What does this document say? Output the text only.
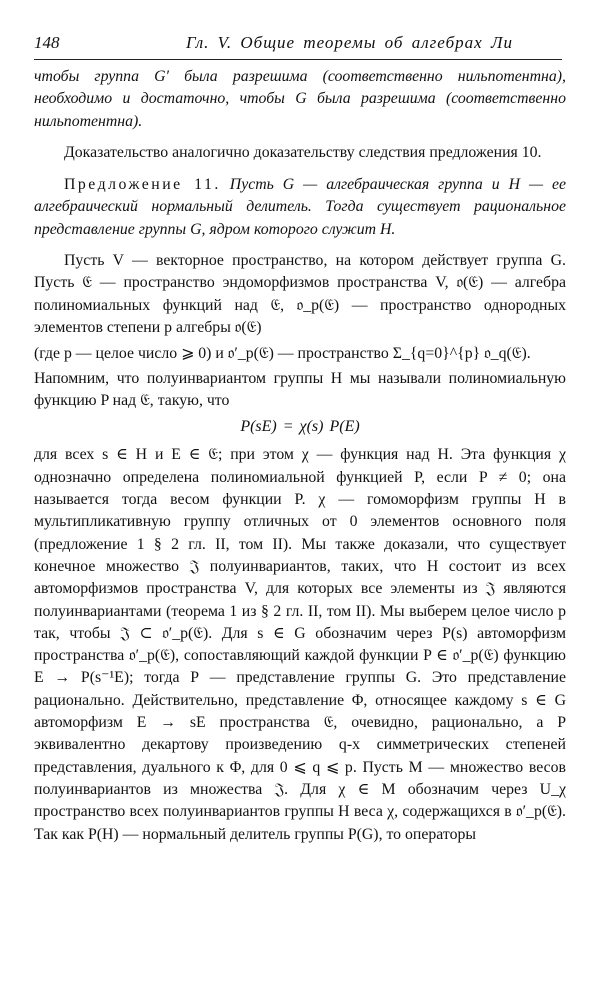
148	Гл. V. Общие теоремы об алгебрах Ли

чтобы группа G′ была разрешима (соответственно нильпотентна), необходимо и достаточно, чтобы G была разрешима (соответственно нильпотентна).

Доказательство аналогично доказательству следствия предложения 10.

Предложение 11. Пусть G — алгебраическая группа и H — ее алгебраический нормальный делитель. Тогда существует рациональное представление группы G, ядром которого служит H.

Пусть V — векторное пространство, на котором действует группа G. Пусть 𝔈 — пространство эндоморфизмов пространства V, 𝔬(𝔈) — алгебра полиномиальных функций над 𝔈, 𝔬_p(𝔈) — пространство однородных элементов степени p алгебры 𝔬(𝔈)

(где p — целое число ⩾ 0) и 𝔬′_p(𝔈) — пространство Σ_{q=0}^{p} 𝔬_q(𝔈).

Напомним, что полуинвариантом группы H мы называли полиномиальную функцию P над 𝔈, такую, что

P(sE) = χ(s) P(E)

для всех s ∈ H и E ∈ 𝔈; при этом χ — функция над H. Эта функция χ однозначно определена полиномиальной функцией P, если P ≠ 0; она называется тогда весом функции P. χ — гомоморфизм группы H в мультипликативную группу отличных от 0 элементов основного поля (предложение 1 § 2 гл. II, том II). Мы также доказали, что существует конечное множество 𝔍 полуинвариантов, таких, что H состоит из всех автоморфизмов пространства V, для которых все элементы из 𝔍 являются полуинвариантами (теорема 1 из § 2 гл. II, том II). Мы выберем целое число p так, чтобы 𝔍 ⊂ 𝔬′_p(𝔈). Для s ∈ G обозначим через Ρ(s) автоморфизм пространства 𝔬′_p(𝔈), сопоставляющий каждой функции P ∈ 𝔬′_p(𝔈) функцию E → P(s⁻¹E); тогда Ρ — представление группы G. Это представление рационально. Действительно, представление Φ, относящее каждому s ∈ G автоморфизм E → sE пространства 𝔈, очевидно, рационально, а Ρ эквивалентно декартову произведению q-х симметрических степеней представления, дуального к Φ, для 0 ⩽ q ⩽ p. Пусть M — множество весов полуинвариантов из множества 𝔍. Для χ ∈ M обозначим через U_χ пространство всех полуинвариантов группы H веса χ, содержащихся в 𝔬′_p(𝔈). Так как Ρ(H) — нормальный делитель группы Ρ(G), то операторы
